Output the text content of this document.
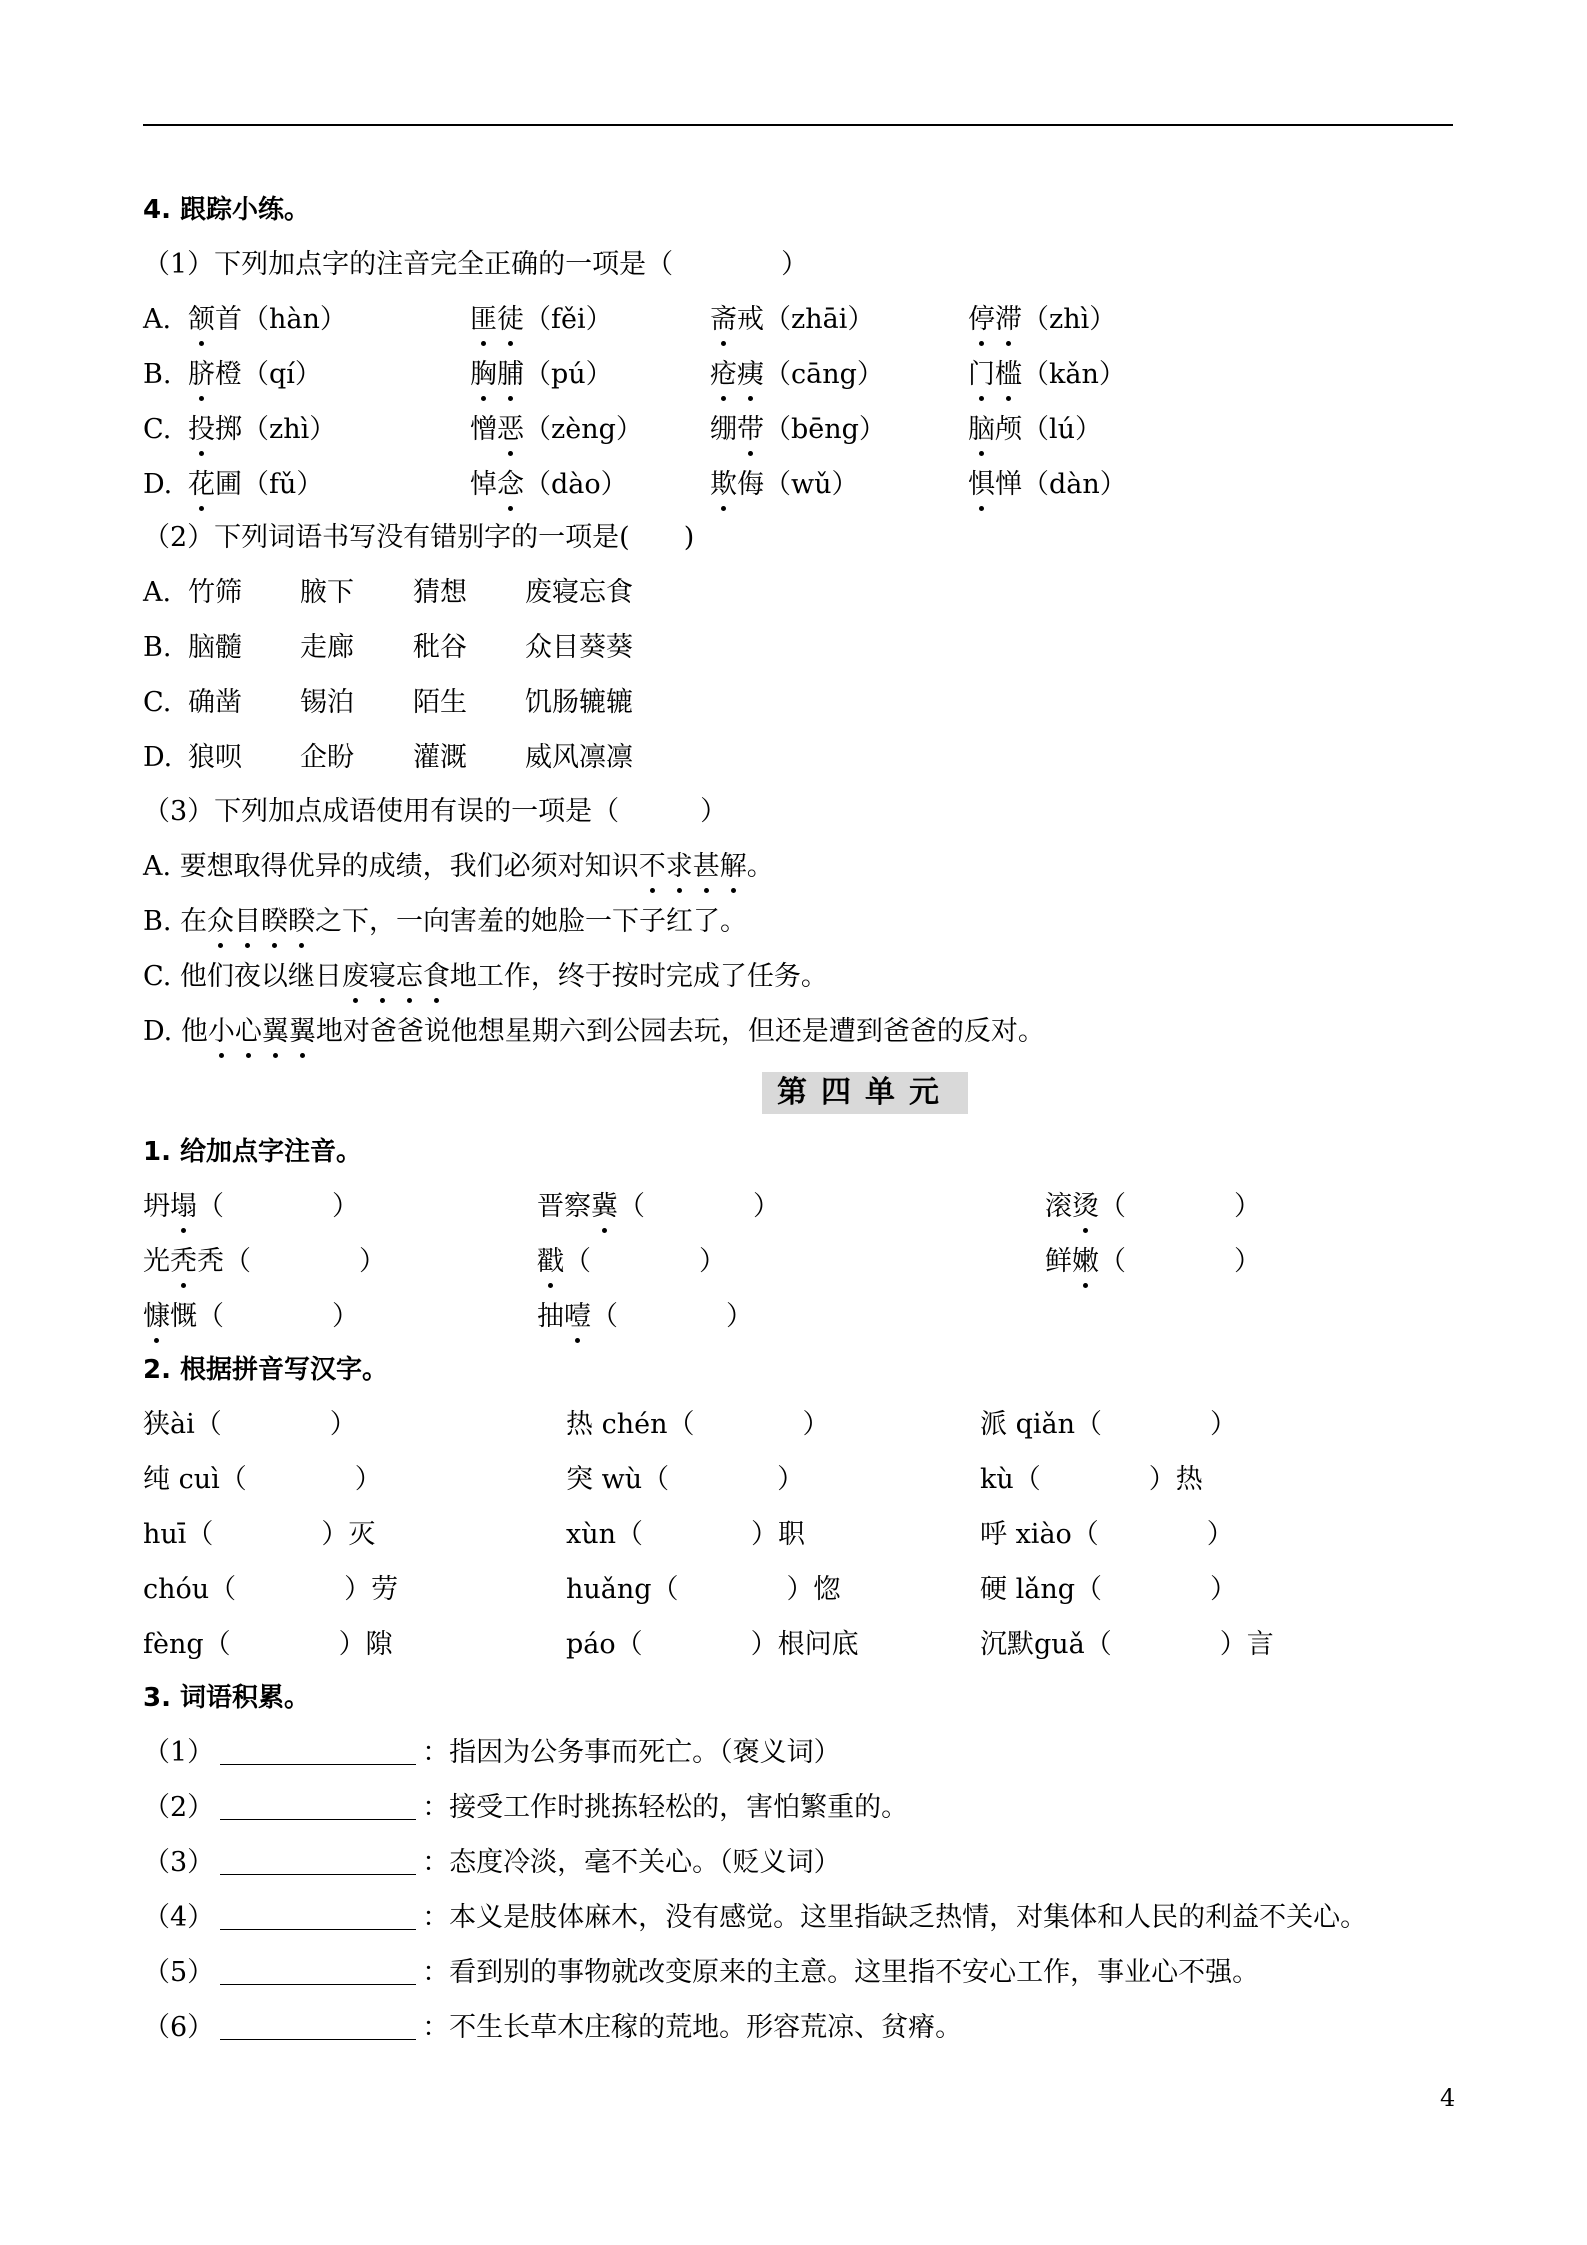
4. 跟踪小练。
（1）下列加点字的注音完全正确的一项是（　　　　）
A. 颔首（hàn）	匪徒（fěi）	斋戒（zhāi）	停滞（zhì）
B. 脐橙（qí）	胸脯（pú）	疮痍（cāng）	门槛（kǎn）
C. 投掷（zhì）	憎恶（zèng） 绷带（bēng）	脑颅（lú）
D. 花圃（fǔ）	悼念（dào）	欺侮（wǔ）	惧惮（dàn）
（2）下列词语书写没有错别字的一项是(　　)
A. 竹筛 腋下 猜想 废寝忘食
B. 脑髓 走廊 秕谷 众目葵葵
C. 确凿 锡泊 陌生 饥肠辘辘
D. 狼呗 企盼 灌溉 威风凛凛
（3）下列加点成语使用有误的一项是（　　　）
A. 要想取得优异的成绩，我们必须对知识不求甚解。
B. 在众目睽睽之下，一向害羞的她脸一下子红了。
C. 他们夜以继日废寝忘食地工作，终于按时完成了任务。
D. 他小心翼翼地对爸爸说他想星期六到公园去玩，但还是遭到爸爸的反对。
第四单元
1. 给加点字注音。
坍塌（　　　　）	晋察冀（　　　　）	滚烫（　　　　）
光秃秃（　　　　）	戳（　　　　）	鲜嫩（　　　　）
慷慨（　　　　）	抽噎（　　　　）
2. 根据拼音写汉字。
狭ài（　　　　）	热 chén（　　　　）	派 qiǎn（　　　　）
纯 cuì（　　　　）	突 wù（　　　　）	kù（　　　　）热
huī（　　　　）灭	xùn（　　　　）职	呼 xiào（　　　　）
chóu（　　　　）劳	huǎng（　　　　）惚	硬 lǎng（　　　　）
fèng（　　　　）隙	páo（　　　　）根问底	沉默guǎ（　　　　）言
3. 词语积累。
（1）	：指因为公务事而死亡。（褒义词）
（2）	：接受工作时挑拣轻松的，害怕繁重的。
（3）	：态度冷淡，毫不关心。（贬义词）
（4）	：本义是肢体麻木，没有感觉。这里指缺乏热情，对集体和人民的利益不关心。
（5）	：看到别的事物就改变原来的主意。这里指不安心工作，事业心不强。
（6）	：不生长草木庄稼的荒地。形容荒凉、贫瘠。
4
